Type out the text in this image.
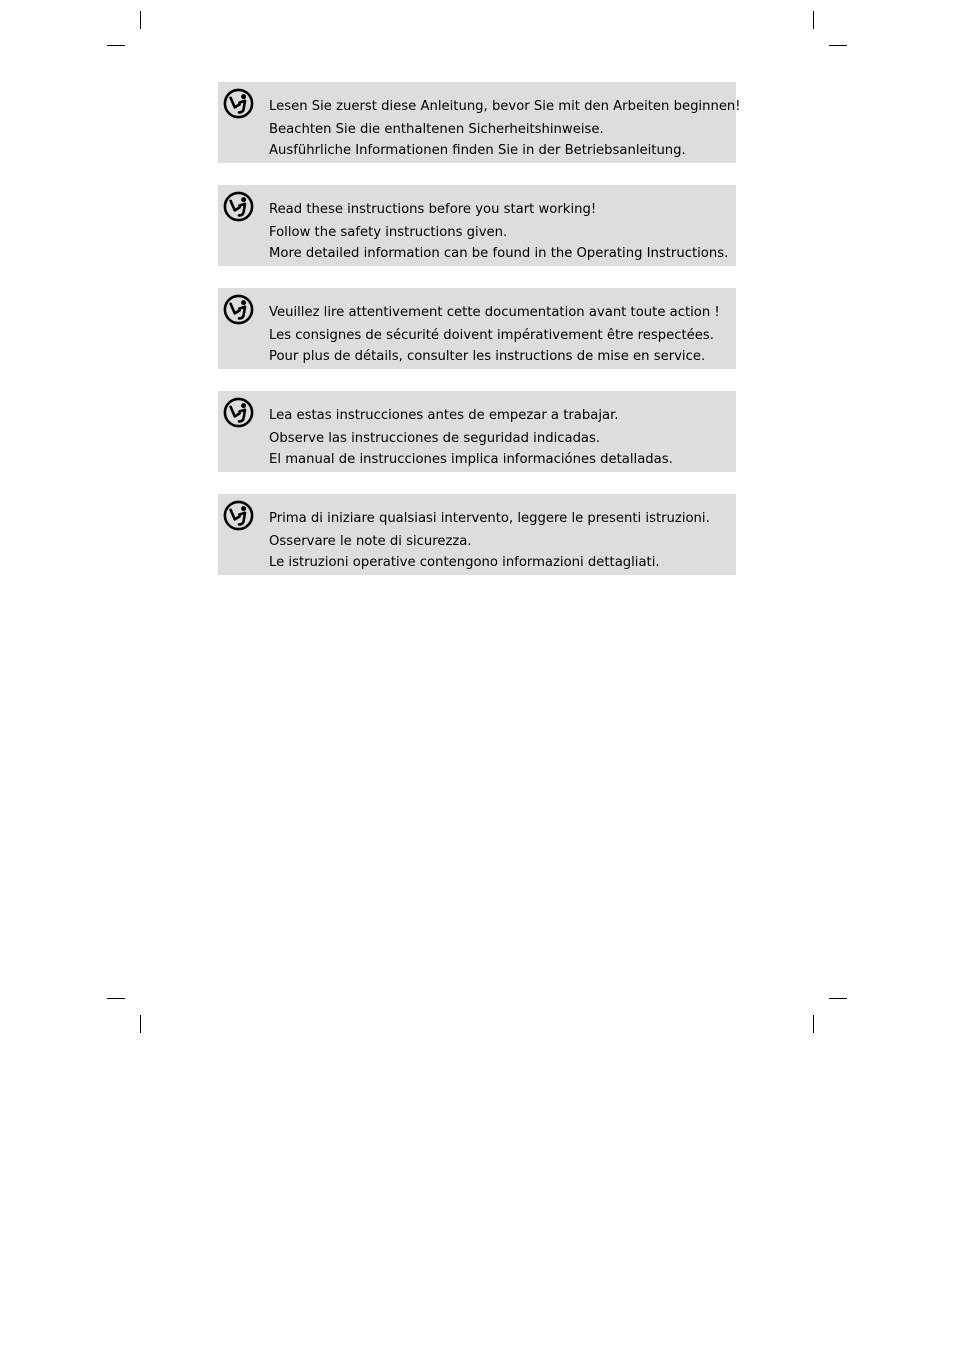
Lesen Sie zuerst diese Anleitung, bevor Sie mit den Arbeiten beginnen!
Beachten Sie die enthaltenen Sicherheitshinweise.
Ausführliche Informationen finden Sie in der Betriebsanleitung.
Read these instructions before you start working!
Follow the safety instructions given.
More detailed information can be found in the Operating Instructions.
Veuillez lire attentivement cette documentation avant toute action !
Les consignes de sécurité doivent impérativement être respectées.
Pour plus de détails, consulter les instructions de mise en service.
Lea estas instrucciones antes de empezar a trabajar.
Observe las instrucciones de seguridad indicadas.
El manual de instrucciones implica informaciónes detalladas.
Prima di iniziare qualsiasi intervento, leggere le presenti istruzioni.
Osservare le note di sicurezza.
Le istruzioni operative contengono informazioni dettagliati.
